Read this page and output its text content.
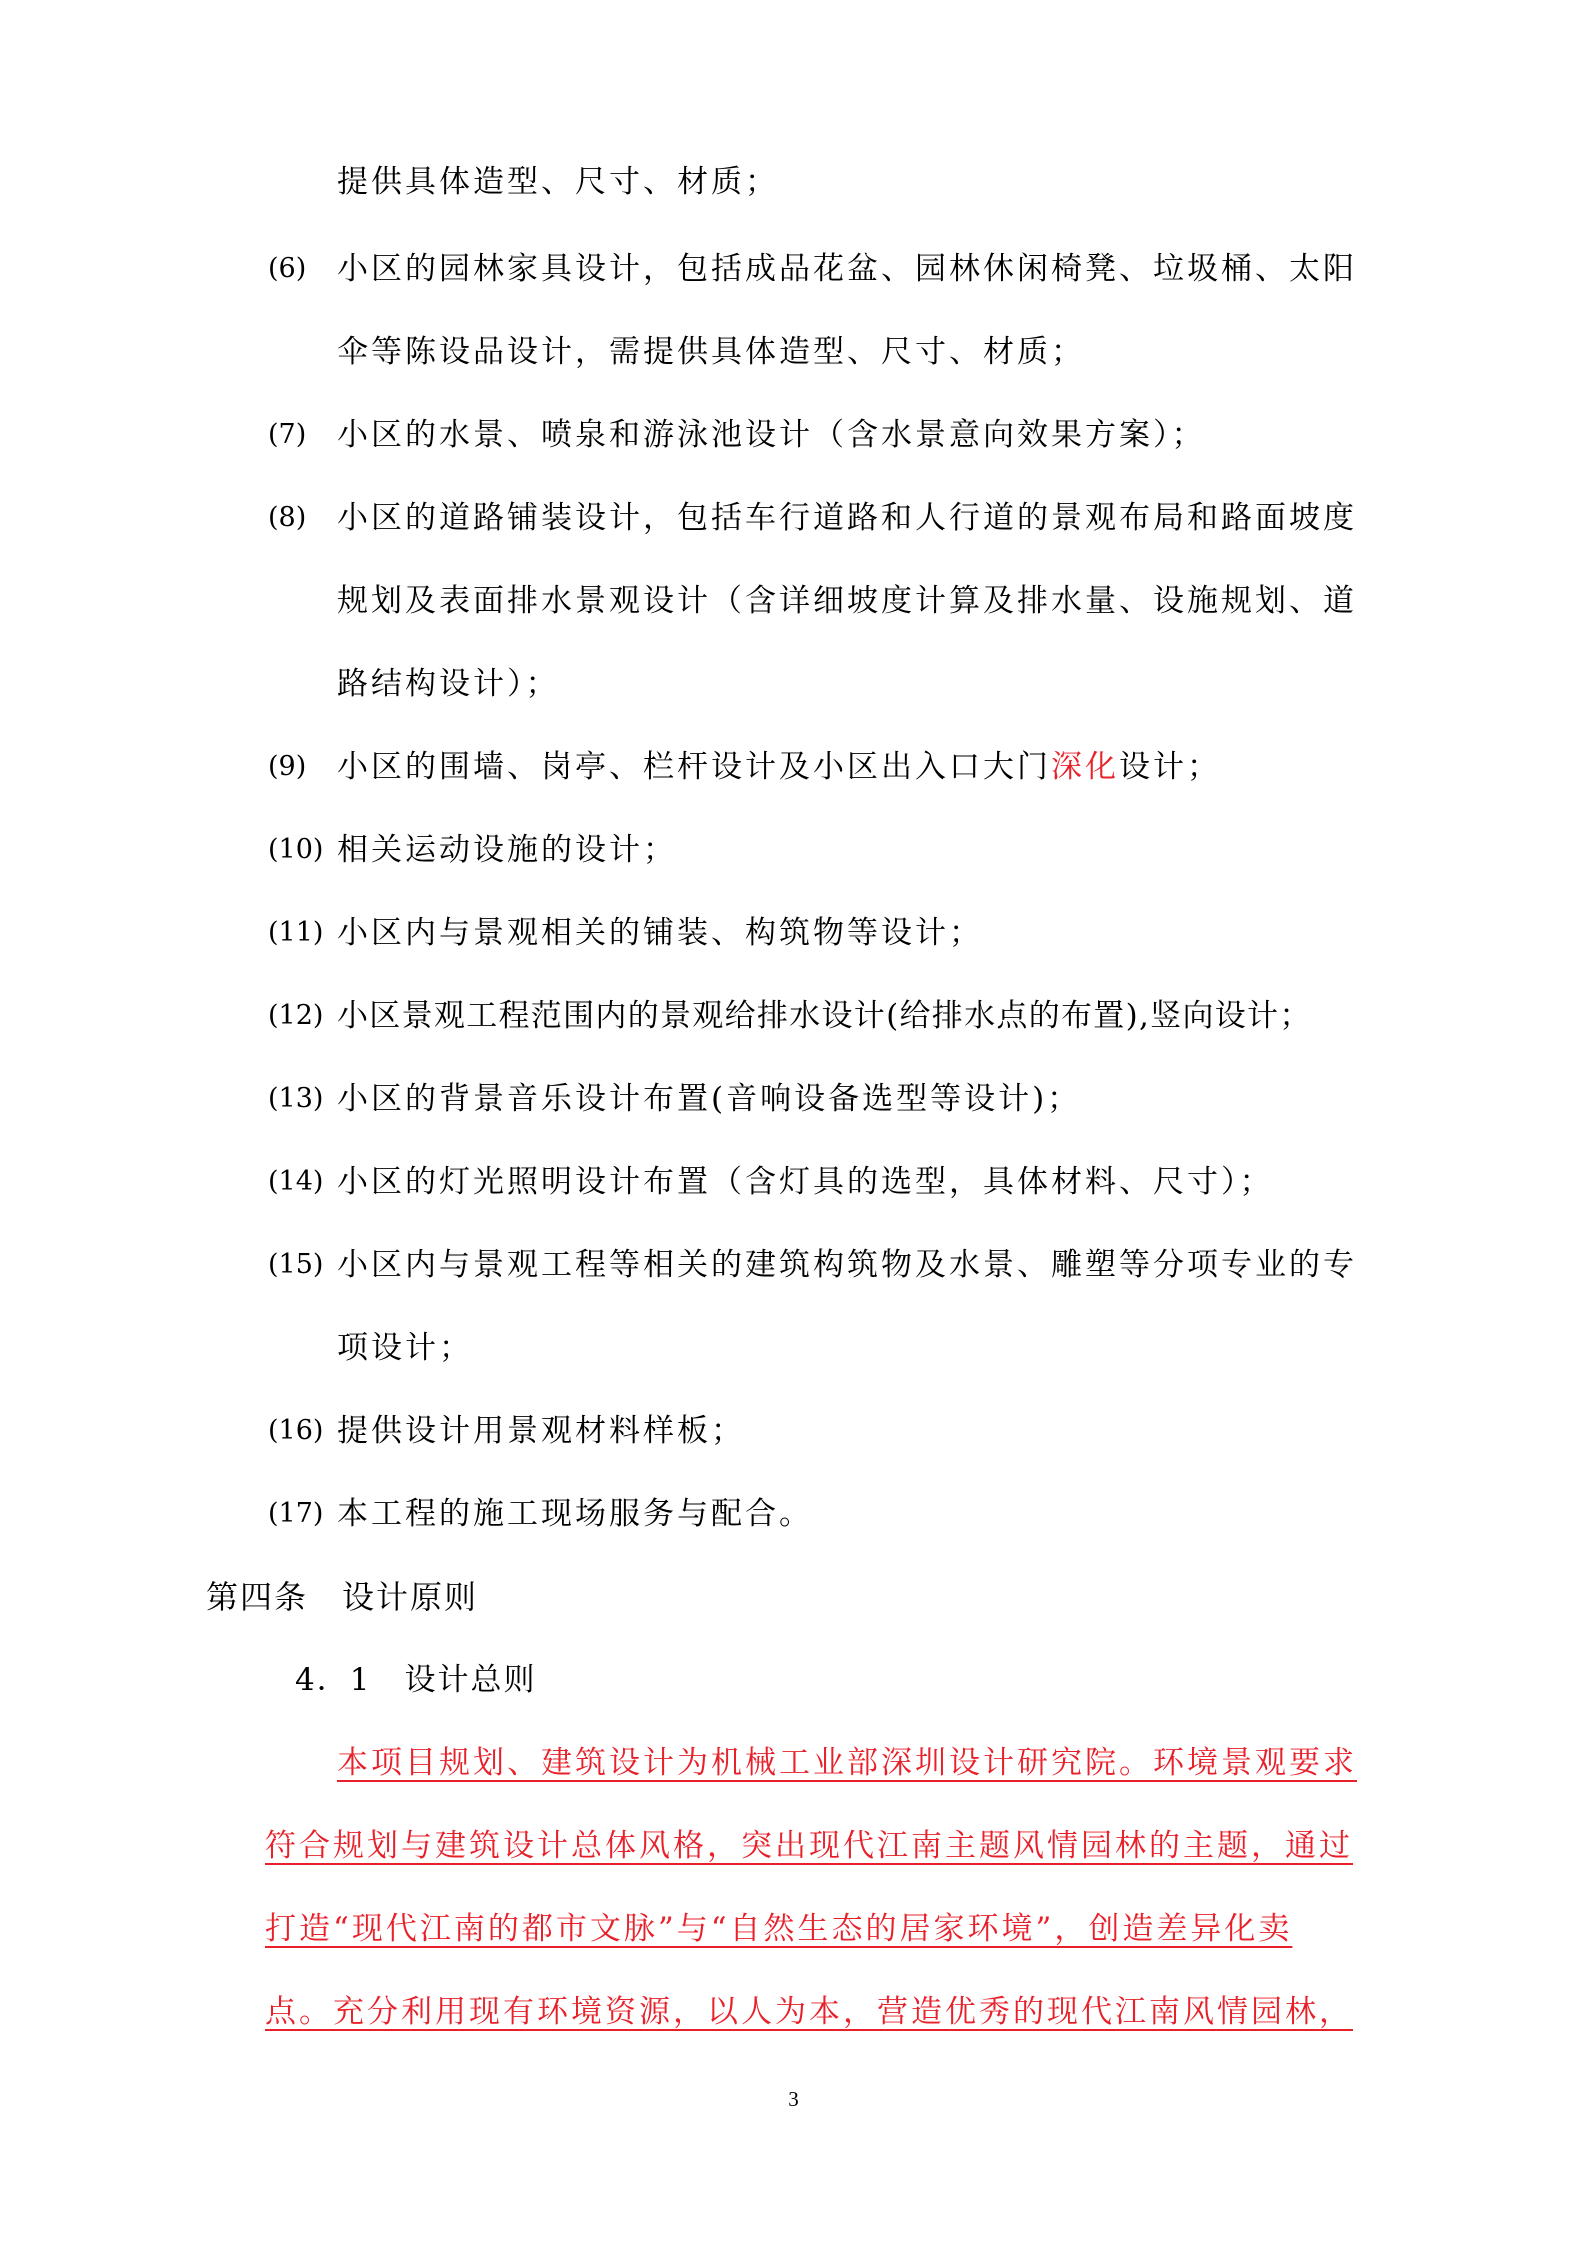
提供具体造型、尺寸、材质；
(6) 小区的园林家具设计，包括成品花盆、园林休闲椅凳、垃圾桶、太阳
伞等陈设品设计，需提供具体造型、尺寸、材质；
(7) 小区的水景、喷泉和游泳池设计（含水景意向效果方案）；
(8) 小区的道路铺装设计，包括车行道路和人行道的景观布局和路面坡度
规划及表面排水景观设计（含详细坡度计算及排水量、设施规划、道
路结构设计）；
(9) 小区的围墙、岗亭、栏杆设计及小区出入口大门深化设计；
(10) 相关运动设施的设计；
(11) 小区内与景观相关的铺装、构筑物等设计；
(12) 小区景观工程范围内的景观给排水设计(给排水点的布置),竖向设计；
(13) 小区的背景音乐设计布置(音响设备选型等设计)；
(14) 小区的灯光照明设计布置（含灯具的选型，具体材料、尺寸）；
(15) 小区内与景观工程等相关的建筑构筑物及水景、雕塑等分项专业的专
项设计；
(16) 提供设计用景观材料样板；
(17) 本工程的施工现场服务与配合。
第四条　设计原则
4．1　设计总则
本项目规划、建筑设计为机械工业部深圳设计研究院。环境景观要求
符合规划与建筑设计总体风格，突出现代江南主题风情园林的主题，通过
打造“现代江南的都市文脉”与“自然生态的居家环境”，创造差异化卖
点。充分利用现有环境资源，以人为本，营造优秀的现代江南风情园林，
3
